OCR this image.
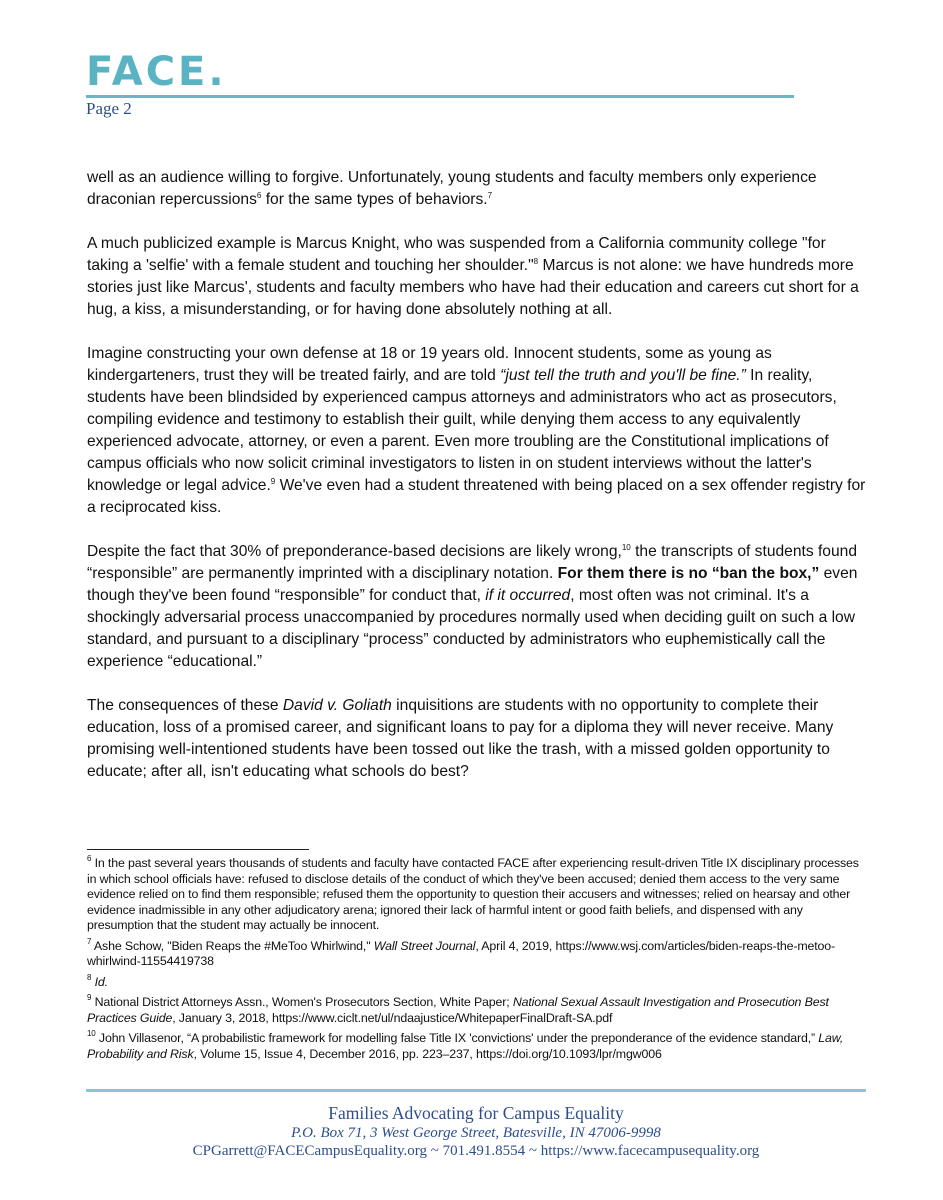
FACE.
Page 2

well as an audience willing to forgive. Unfortunately, young students and faculty members only experience draconian repercussions$^6$ for the same types of behaviors.$^7$

A much publicized example is Marcus Knight, who was suspended from a California community college "for taking a 'selfie' with a female student and touching her shoulder."$^8$ Marcus is not alone: we have hundreds more stories just like Marcus', students and faculty members who have had their education and careers cut short for a hug, a kiss, a misunderstanding, or for having done absolutely nothing at all.

Imagine constructing your own defense at 18 or 19 years old. Innocent students, some as young as kindergarteners, trust they will be treated fairly, and are told “just tell the truth and you'll be fine.” In reality, students have been blindsided by experienced campus attorneys and administrators who act as prosecutors, compiling evidence and testimony to establish their guilt, while denying them access to any equivalently experienced advocate, attorney, or even a parent. Even more troubling are the Constitutional implications of campus officials who now solicit criminal investigators to listen in on student interviews without the latter's knowledge or legal advice.$^9$ We've even had a student threatened with being placed on a sex offender registry for a reciprocated kiss.

Despite the fact that 30% of preponderance-based decisions are likely wrong,$^{10}$ the transcripts of students found “responsible” are permanently imprinted with a disciplinary notation. For them there is no “ban the box,” even though they've been found “responsible” for conduct that, if it occurred, most often was not criminal. It's a shockingly adversarial process unaccompanied by procedures normally used when deciding guilt on such a low standard, and pursuant to a disciplinary “process” conducted by administrators who euphemistically call the experience “educational.”

The consequences of these David v. Goliath inquisitions are students with no opportunity to complete their education, loss of a promised career, and significant loans to pay for a diploma they will never receive. Many promising well-intentioned students have been tossed out like the trash, with a missed golden opportunity to educate; after all, isn't educating what schools do best?

$^6$ In the past several years thousands of students and faculty have contacted FACE after experiencing result-driven Title IX disciplinary processes in which school officials have: refused to disclose details of the conduct of which they've been accused; denied them access to the very same evidence relied on to find them responsible; refused them the opportunity to question their accusers and witnesses; relied on hearsay and other evidence inadmissible in any other adjudicatory arena; ignored their lack of harmful intent or good faith beliefs, and dispensed with any presumption that the student may actually be innocent.
$^7$ Ashe Schow, "Biden Reaps the #MeToo Whirlwind," Wall Street Journal, April 4, 2019, https://www.wsj.com/articles/biden-reaps-the-metoo-whirlwind-11554419738
$^8$ Id.
$^9$ National District Attorneys Assn., Women's Prosecutors Section, White Paper; National Sexual Assault Investigation and Prosecution Best Practices Guide, January 3, 2018, https://www.ciclt.net/ul/ndaajustice/WhitepaperFinalDraft-SA.pdf
$^{10}$ John Villasenor, “A probabilistic framework for modelling false Title IX 'convictions' under the preponderance of the evidence standard,” Law, Probability and Risk, Volume 15, Issue 4, December 2016, pp. 223–237, https://doi.org/10.1093/lpr/mgw006
Families Advocating for Campus Equality
P.O. Box 71, 3 West George Street, Batesville, IN 47006-9998
CPGarrett@FACECampusEquality.org ~ 701.491.8554 ~ https://www.facecampusequality.org
